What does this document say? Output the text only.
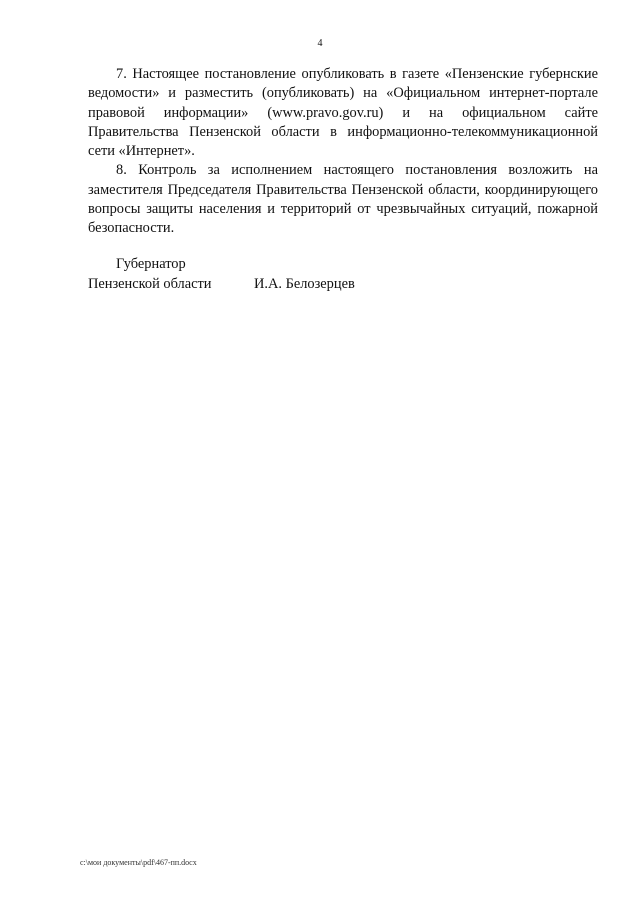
4

7. Настоящее постановление опубликовать в газете «Пензенские губернские ведомости» и разместить (опубликовать) на «Официальном интернет-портале правовой информации» (www.pravo.gov.ru) и на официальном сайте Правительства Пензенской области в информационно-телекоммуникационной сети «Интернет».

8. Контроль за исполнением настоящего постановления возложить на заместителя Председателя Правительства Пензенской области, координирующего вопросы защиты населения и территорий от чрезвычайных ситуаций, пожарной безопасности.

Губернатор
Пензенской области	И.А. Белозерцев
c:\мои документы\pdf\467-пп.docx
